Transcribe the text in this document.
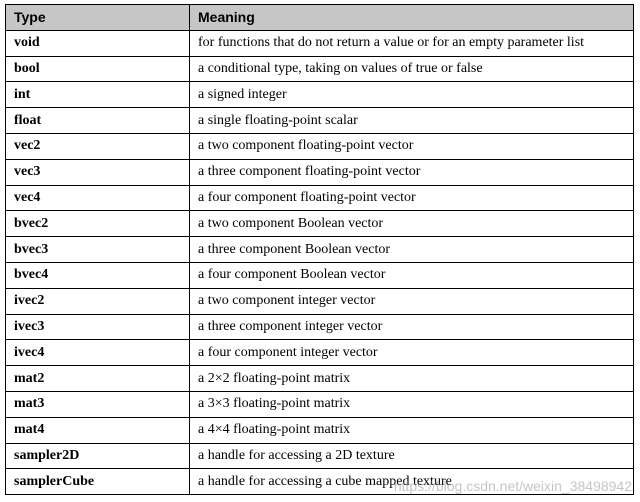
Type	Meaning
void	for functions that do not return a value or for an empty parameter list
bool	a conditional type, taking on values of true or false
int	a signed integer
float	a single floating-point scalar
vec2	a two component floating-point vector
vec3	a three component floating-point vector
vec4	a four component floating-point vector
bvec2	a two component Boolean vector
bvec3	a three component Boolean vector
bvec4	a four component Boolean vector
ivec2	a two component integer vector
ivec3	a three component integer vector
ivec4	a four component integer vector
mat2	a 2×2 floating-point matrix
mat3	a 3×3 floating-point matrix
mat4	a 4×4 floating-point matrix
sampler2D	a handle for accessing a 2D texture
samplerCube	a handle for accessing a cube mapped texture
https://blog.csdn.net/weixin_38498942
